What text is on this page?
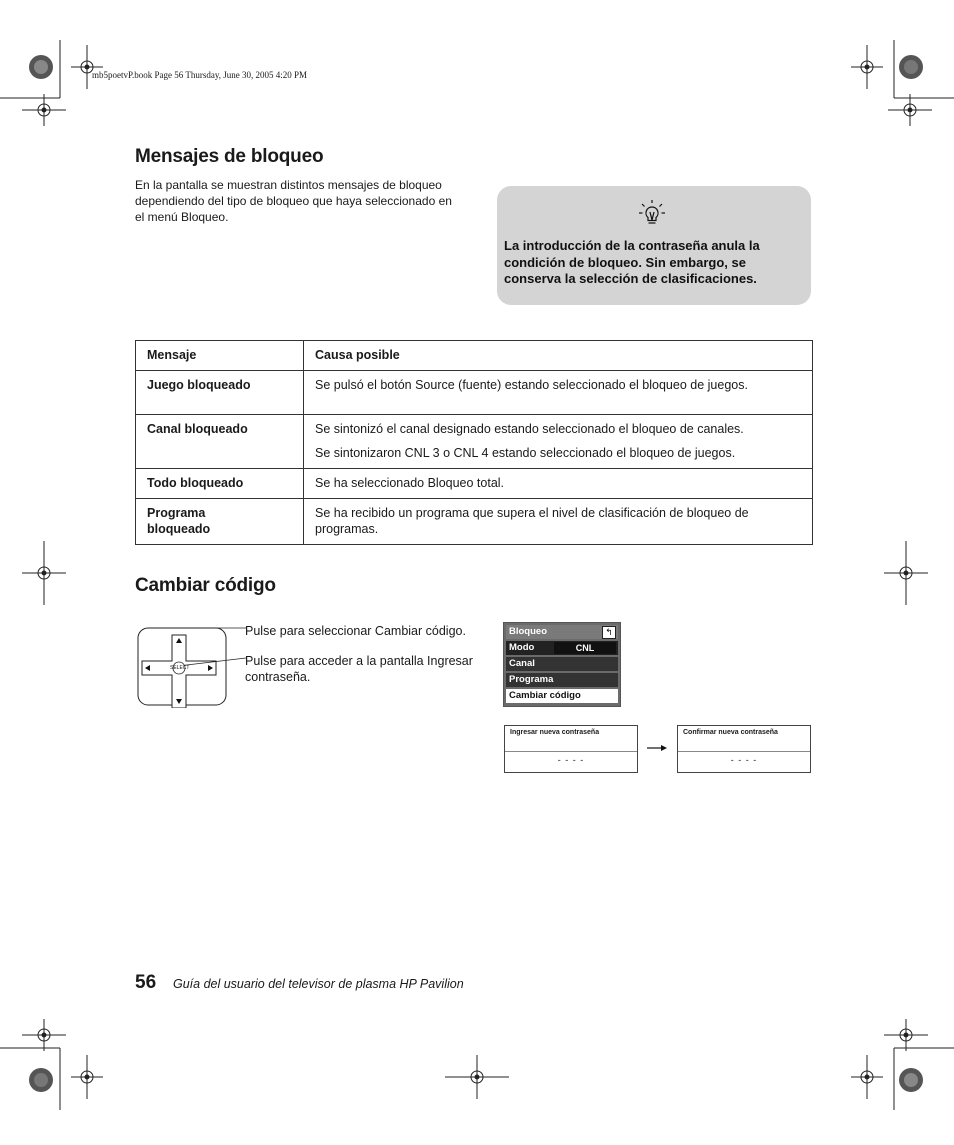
mb5poetvP.book Page 56 Thursday, June 30, 2005 4:20 PM
Mensajes de bloqueo
En la pantalla se muestran distintos mensajes de bloqueo dependiendo del tipo de bloqueo que haya seleccionado en el menú Bloqueo.
La introducción de la contraseña anula la condición de bloqueo. Sin embargo, se conserva la selección de clasificaciones.
Mensaje	Causa posible
Juego bloqueado	Se pulsó el botón Source (fuente) estando seleccionado el bloqueo de juegos.

Canal bloqueado	Se sintonizó el canal designado estando seleccionado el bloqueo de canales.

Se sintonizaron CNL 3 o CNL 4 estando seleccionado el bloqueo de juegos.

Todo bloqueado	Se ha seleccionado Bloqueo total.

Programa bloqueado	Se ha recibido un programa que supera el nivel de clasificación de bloqueo de programas.

Cambiar código
SELECT
Pulse para seleccionar Cambiar código.
Pulse para acceder a la pantalla Ingresar contraseña.
Bloqueo	↰
Modo	CNL
Canal
Programa
Cambiar código
Ingresar nueva contraseña
- - - -
Confirmar nueva contraseña
- - - -
56 Guía del usuario del televisor de plasma HP Pavilion
